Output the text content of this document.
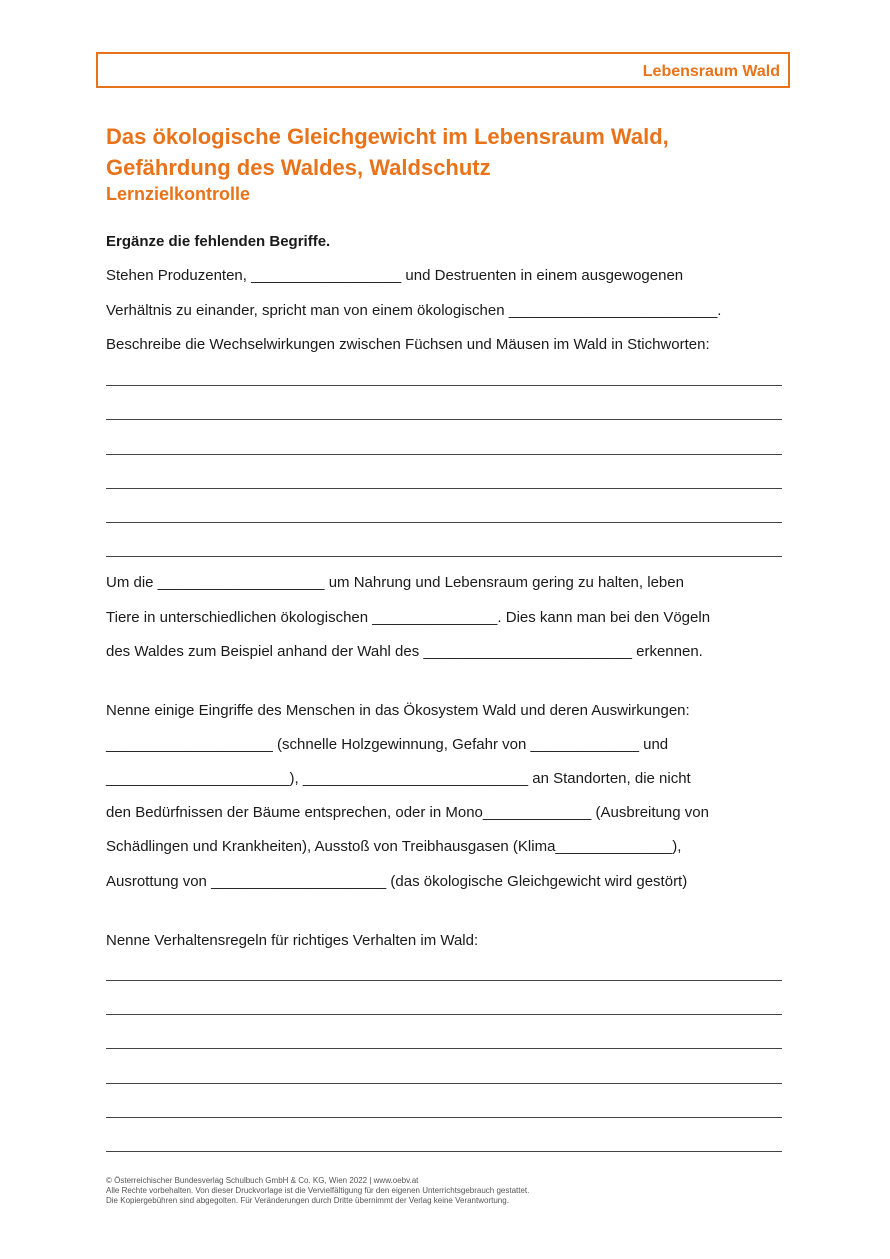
Lebensraum Wald
Das ökologische Gleichgewicht im Lebensraum Wald,
Gefährdung des Waldes, Waldschutz
Lernzielkontrolle
Ergänze die fehlenden Begriffe.
Stehen Produzenten, __________________ und Destruenten in einem ausgewogenen
Verhältnis zu einander, spricht man von einem ökologischen _________________________.
Beschreibe die Wechselwirkungen zwischen Füchsen und Mäusen im Wald in Stichworten:
Um die ____________________ um Nahrung und Lebensraum gering zu halten, leben
Tiere in unterschiedlichen ökologischen _______________. Dies kann man bei den Vögeln
des Waldes zum Beispiel anhand der Wahl des _________________________ erkennen.
Nenne einige Eingriffe des Menschen in das Ökosystem Wald und deren Auswirkungen:
____________________ (schnelle Holzgewinnung, Gefahr von _____________ und
______________________), ___________________________ an Standorten, die nicht
den Bedürfnissen der Bäume entsprechen, oder in Mono_____________ (Ausbreitung von
Schädlingen und Krankheiten), Ausstoß von Treibhausgasen (Klima______________),
Ausrottung von _____________________ (das ökologische Gleichgewicht wird gestört)
Nenne Verhaltensregeln für richtiges Verhalten im Wald:
© Österreichischer Bundesverlag Schulbuch GmbH & Co. KG, Wien 2022 | www.oebv.at
Alle Rechte vorbehalten. Von dieser Druckvorlage ist die Vervielfältigung für den eigenen Unterrichtsgebrauch gestattet.
Die Kopiergebühren sind abgegolten. Für Veränderungen durch Dritte übernimmt der Verlag keine Verantwortung.
